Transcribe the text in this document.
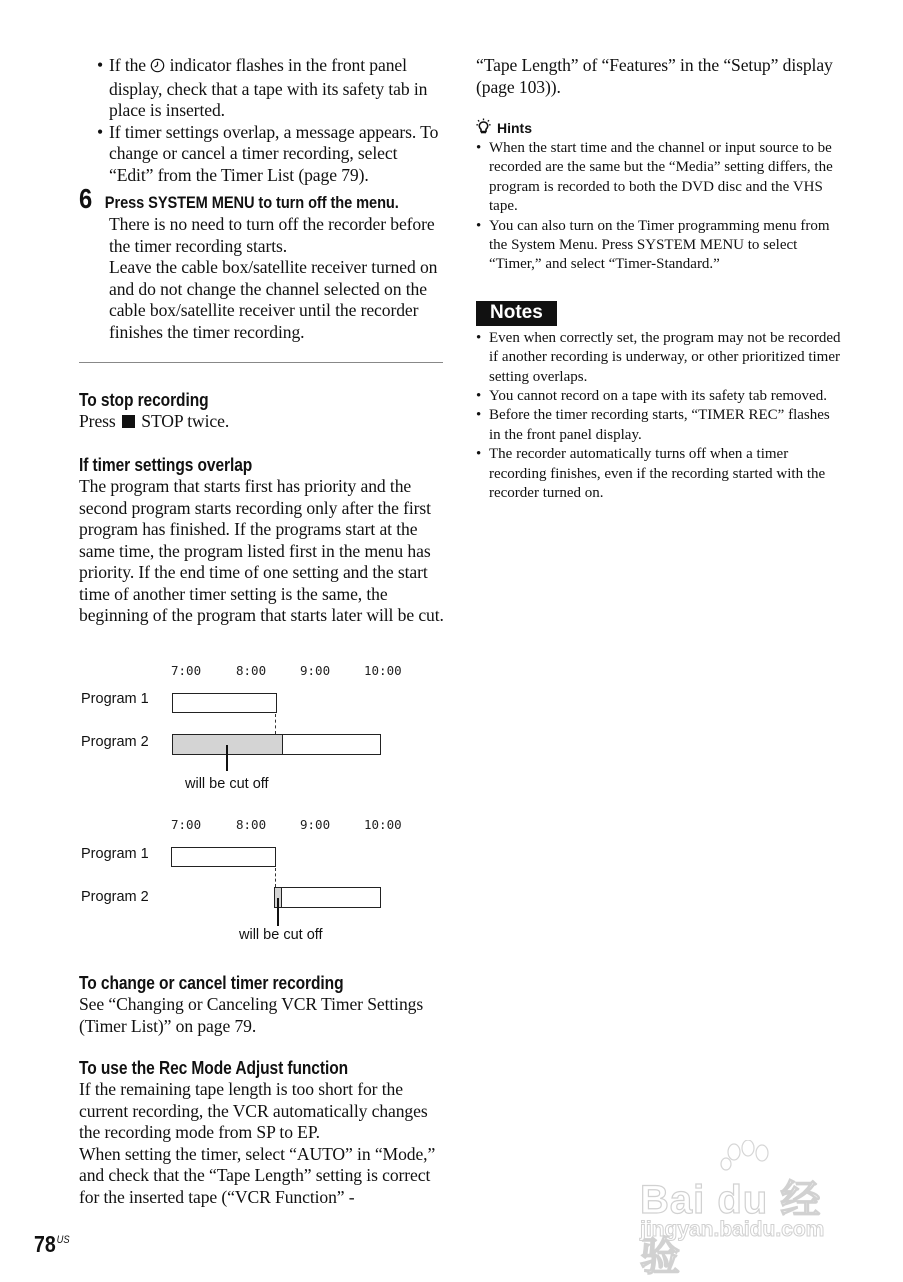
• If the indicator flashes in the front panel display, check that a tape with its safety tab in place is inserted.
• If timer settings overlap, a message appears. To change or cancel a timer recording, select “Edit” from the Timer List (page 79).
6 Press SYSTEM MENU to turn off the menu.
There is no need to turn off the recorder before the timer recording starts.
Leave the cable box/satellite receiver turned on and do not change the channel selected on the cable box/satellite receiver until the recorder finishes the timer recording.
To stop recording
Press STOP twice.
If timer settings overlap
The program that starts first has priority and the second program starts recording only after the first program has finished. If the programs start at the same time, the program listed first in the menu has priority. If the end time of one setting and the start time of another timer setting is the same, the beginning of the program that starts later will be cut.
7:00	8:00	9:00	10:00
Program 1
Program 2
will be cut off
7:00	8:00	9:00	10:00
Program 1
Program 2
will be cut off
To change or cancel timer recording
See “Changing or Canceling VCR Timer Settings (Timer List)” on page 79.
To use the Rec Mode Adjust function
If the remaining tape length is too short for the current recording, the VCR automatically changes the recording mode from SP to EP.
When setting the timer, select “AUTO” in “Mode,” and check that the “Tape Length” setting is correct for the inserted tape (“VCR Function” -
“Tape Length” of “Features” in the “Setup” display (page 103)).
Hints
• When the start time and the channel or input source to be recorded are the same but the “Media” setting differs, the program is recorded to both the DVD disc and the VHS tape.
• You can also turn on the Timer programming menu from the System Menu. Press SYSTEM MENU to select “Timer,” and select “Timer-Standard.”
Notes
• Even when correctly set, the program may not be recorded if another recording is underway, or other prioritized timer setting overlaps.
• You cannot record on a tape with its safety tab removed.
• Before the timer recording starts, “TIMER REC” flashes in the front panel display.
• The recorder automatically turns off when a timer recording finishes, even if the recording started with the recorder turned on.
$78^{US}$
Bai du 经验
jingyan.baidu.com
